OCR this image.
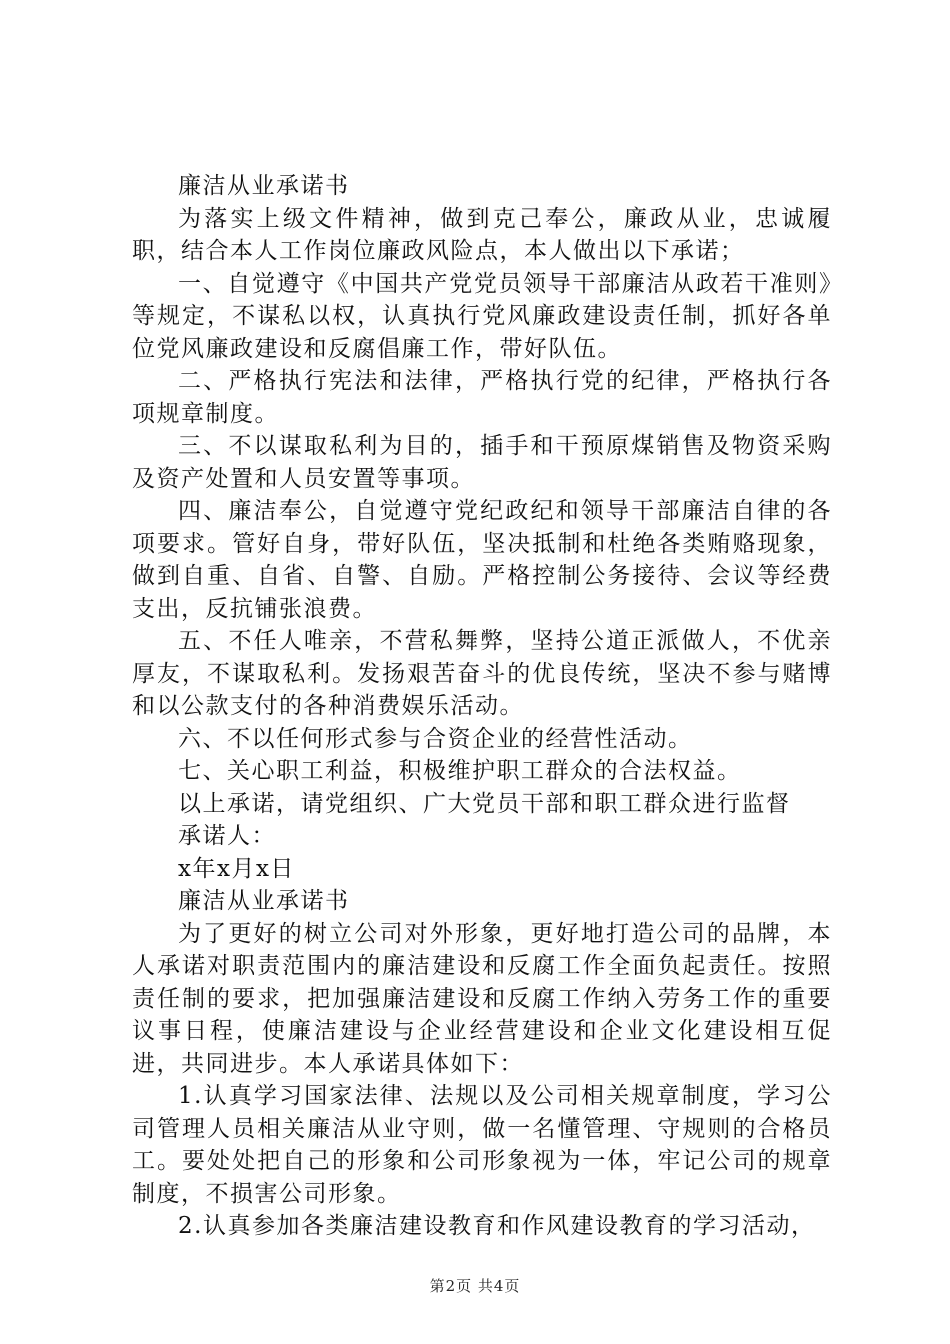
廉洁从业承诺书

为落实上级文件精神，做到克己奉公，廉政从业，忠诚履职，结合本人工作岗位廉政风险点，本人做出以下承诺；

一、自觉遵守《中国共产党党员领导干部廉洁从政若干准则》等规定，不谋私以权，认真执行党风廉政建设责任制，抓好各单位党风廉政建设和反腐倡廉工作，带好队伍。

二、严格执行宪法和法律，严格执行党的纪律，严格执行各项规章制度。

三、不以谋取私利为目的，插手和干预原煤销售及物资采购及资产处置和人员安置等事项。

四、廉洁奉公，自觉遵守党纪政纪和领导干部廉洁自律的各项要求。管好自身，带好队伍，坚决抵制和杜绝各类贿赂现象，做到自重、自省、自警、自励。严格控制公务接待、会议等经费支出，反抗铺张浪费。

五、不任人唯亲，不营私舞弊，坚持公道正派做人，不优亲厚友，不谋取私利。发扬艰苦奋斗的优良传统，坚决不参与赌博和以公款支付的各种消费娱乐活动。

六、不以任何形式参与合资企业的经营性活动。

七、关心职工利益，积极维护职工群众的合法权益。

以上承诺，请党组织、广大党员干部和职工群众进行监督

承诺人：

x年x月x日

廉洁从业承诺书

为了更好的树立公司对外形象，更好地打造公司的品牌，本人承诺对职责范围内的廉洁建设和反腐工作全面负起责任。按照责任制的要求，把加强廉洁建设和反腐工作纳入劳务工作的重要议事日程，使廉洁建设与企业经营建设和企业文化建设相互促进，共同进步。本人承诺具体如下：

1.认真学习国家法律、法规以及公司相关规章制度，学习公司管理人员相关廉洁从业守则，做一名懂管理、守规则的合格员工。要处处把自己的形象和公司形象视为一体，牢记公司的规章制度，不损害公司形象。

2.认真参加各类廉洁建设教育和作风建设教育的学习活动，

第2页 共4页
